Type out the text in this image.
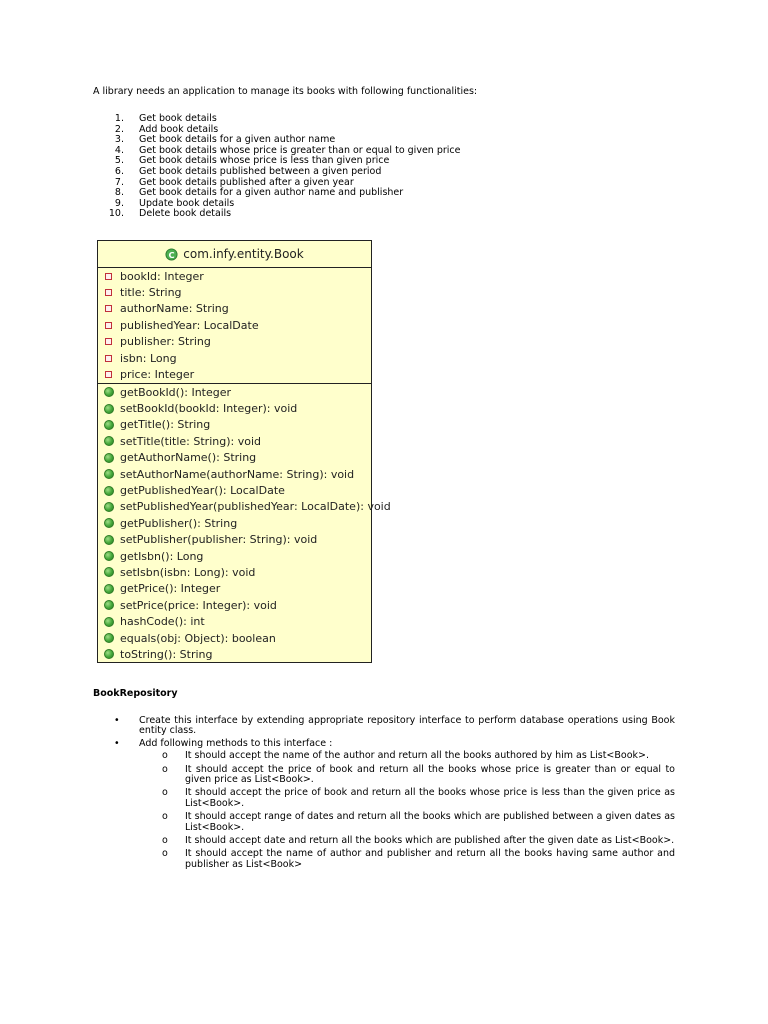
A library needs an application to manage its books with following functionalities:
1. Get book details
2. Add book details
3. Get book details for a given author name
4. Get book details whose price is greater than or equal to given price
5. Get book details whose price is less than given price
6. Get book details published between a given period
7. Get book details published after a given year
8. Get book details for a given author name and publisher
9. Update book details
10. Delete book details
C com.infy.entity.Book
bookId: Integer
title: String
authorName: String
publishedYear: LocalDate
publisher: String
isbn: Long
price: Integer
getBookId(): Integer
setBookId(bookId: Integer): void
getTitle(): String
setTitle(title: String): void
getAuthorName(): String
setAuthorName(authorName: String): void
getPublishedYear(): LocalDate
setPublishedYear(publishedYear: LocalDate): void
getPublisher(): String
setPublisher(publisher: String): void
getIsbn(): Long
setIsbn(isbn: Long): void
getPrice(): Integer
setPrice(price: Integer): void
hashCode(): int
equals(obj: Object): boolean
toString(): String
BookRepository
• Create this interface by extending appropriate repository interface to perform database operations using Book entity class.
• Add following methods to this interface :
o It should accept the name of the author and return all the books authored by him as List<Book>.
o It should accept the price of book and return all the books whose price is greater than or equal to given price as List<Book>.
o It should accept the price of book and return all the books whose price is less than the given price as List<Book>.
o It should accept range of dates and return all the books which are published between a given dates as List<Book>.
o It should accept date and return all the books which are published after the given date as List<Book>.
o It should accept the name of author and publisher and return all the books having same author and publisher as List<Book>
